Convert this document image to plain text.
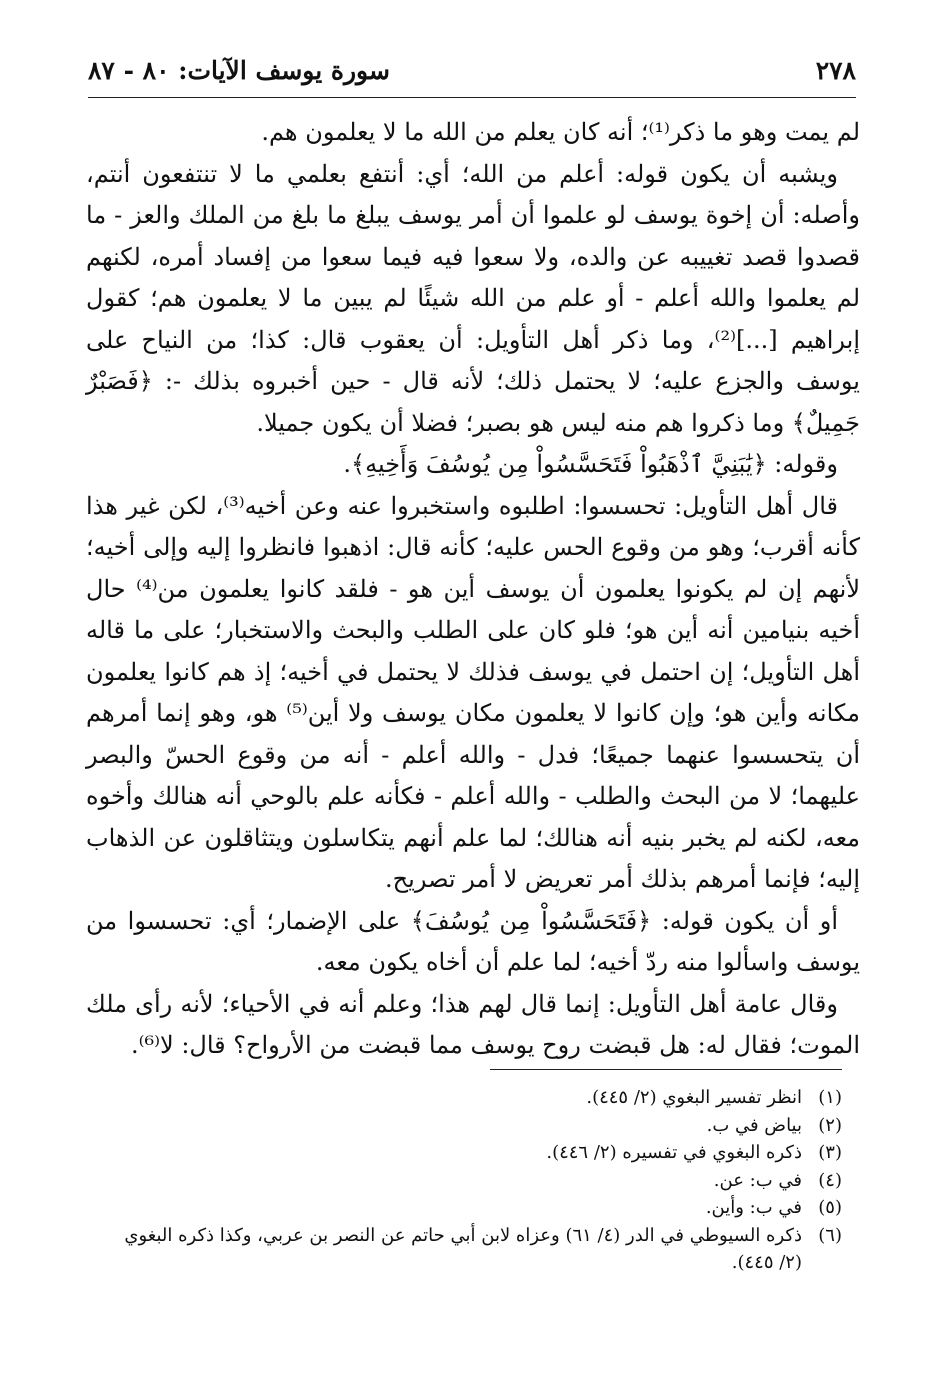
٢٧٨
سورة يوسف الآيات: ٨٠ - ٨٧

لم يمت وهو ما ذكر⁽¹⁾؛ أنه كان يعلم من الله ما لا يعلمون هم.

ويشبه أن يكون قوله: أعلم من الله؛ أي: أنتفع بعلمي ما لا تنتفعون أنتم، وأصله: أن إخوة يوسف لو علموا أن أمر يوسف يبلغ ما بلغ من الملك والعز - ما قصدوا قصد تغييبه عن والده، ولا سعوا فيه فيما سعوا من إفساد أمره، لكنهم لم يعلموا والله أعلم - أو علم من الله شيئًا لم يبين ما لا يعلمون هم؛ كقول إبراهيم [...]⁽²⁾، وما ذكر أهل التأويل: أن يعقوب قال: كذا؛ من النياح على يوسف والجزع عليه؛ لا يحتمل ذلك؛ لأنه قال - حين أخبروه بذلك -: ﴿فَصَبْرٌ جَمِيلٌ﴾ وما ذكروا هم منه ليس هو بصبر؛ فضلا أن يكون جميلا.

وقوله: ﴿يَٰبَنِيَّ ٱذْهَبُواْ فَتَحَسَّسُواْ مِن يُوسُفَ وَأَخِيهِ﴾.

قال أهل التأويل: تحسسوا: اطلبوه واستخبروا عنه وعن أخيه⁽³⁾، لكن غير هذا كأنه أقرب؛ وهو من وقوع الحس عليه؛ كأنه قال: اذهبوا فانظروا إليه وإلى أخيه؛ لأنهم إن لم يكونوا يعلمون أن يوسف أين هو - فلقد كانوا يعلمون من⁽⁴⁾ حال أخيه بنيامين أنه أين هو؛ فلو كان على الطلب والبحث والاستخبار؛ على ما قاله أهل التأويل؛ إن احتمل في يوسف فذلك لا يحتمل في أخيه؛ إذ هم كانوا يعلمون مكانه وأين هو؛ وإن كانوا لا يعلمون مكان يوسف ولا أين⁽⁵⁾ هو، وهو إنما أمرهم أن يتحسسوا عنهما جميعًا؛ فدل - والله أعلم - أنه من وقوع الحسّ والبصر عليهما؛ لا من البحث والطلب - والله أعلم - فكأنه علم بالوحي أنه هنالك وأخوه معه، لكنه لم يخبر بنيه أنه هنالك؛ لما علم أنهم يتكاسلون ويتثاقلون عن الذهاب إليه؛ فإنما أمرهم بذلك أمر تعريض لا أمر تصريح.

أو أن يكون قوله: ﴿فَتَحَسَّسُواْ مِن يُوسُفَ﴾ على الإضمار؛ أي: تحسسوا من يوسف واسألوا منه ردّ أخيه؛ لما علم أن أخاه يكون معه.

وقال عامة أهل التأويل: إنما قال لهم هذا؛ وعلم أنه في الأحياء؛ لأنه رأى ملك الموت؛ فقال له: هل قبضت روح يوسف مما قبضت من الأرواح؟ قال: لا⁽⁶⁾.

(١)انظر تفسير البغوي (٢/ ٤٤٥).

(٢)بياض في ب.

(٣)ذكره البغوي في تفسيره (٢/ ٤٤٦).

(٤)في ب: عن.

(٥)في ب: وأين.

(٦)ذكره السيوطي في الدر (٤/ ٦١) وعزاه لابن أبي حاتم عن النصر بن عربي، وكذا ذكره البغوي (٢/ ٤٤٥).
